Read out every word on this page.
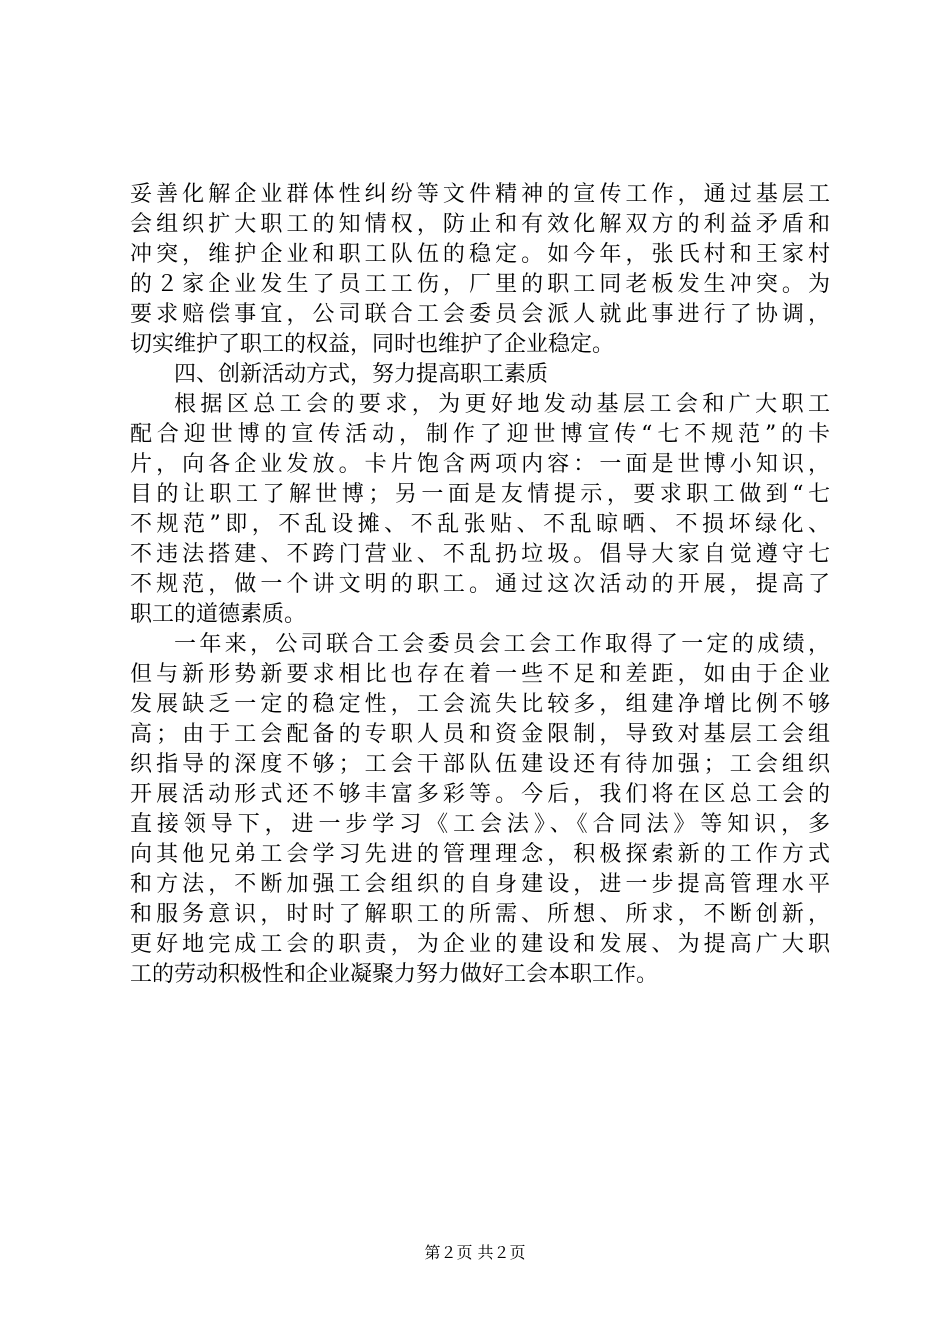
妥善化解企业群体性纠纷等文件精神的宣传工作，通过基层工
会组织扩大职工的知情权，防止和有效化解双方的利益矛盾和
冲突，维护企业和职工队伍的稳定。如今年，张氏村和王家村
的２家企业发生了员工工伤，厂里的职工同老板发生冲突。为
要求赔偿事宜，公司联合工会委员会派人就此事进行了协调，
切实维护了职工的权益，同时也维护了企业稳定。
四、创新活动方式，努力提高职工素质
根据区总工会的要求，为更好地发动基层工会和广大职工
配合迎世博的宣传活动，制作了迎世博宣传“七不规范”的卡
片，向各企业发放。卡片饱含两项内容：一面是世博小知识，
目的让职工了解世博；另一面是友情提示，要求职工做到“七
不规范”即，不乱设摊、不乱张贴、不乱晾晒、不损坏绿化、
不违法搭建、不跨门营业、不乱扔垃圾。倡导大家自觉遵守七
不规范，做一个讲文明的职工。通过这次活动的开展，提高了
职工的道德素质。
一年来，公司联合工会委员会工会工作取得了一定的成绩，
但与新形势新要求相比也存在着一些不足和差距，如由于企业
发展缺乏一定的稳定性，工会流失比较多，组建净增比例不够
高；由于工会配备的专职人员和资金限制，导致对基层工会组
织指导的深度不够；工会干部队伍建设还有待加强；工会组织
开展活动形式还不够丰富多彩等。今后，我们将在区总工会的
直接领导下，进一步学习《工会法》、《合同法》等知识，多
向其他兄弟工会学习先进的管理理念，积极探索新的工作方式
和方法，不断加强工会组织的自身建设，进一步提高管理水平
和服务意识，时时了解职工的所需、所想、所求，不断创新，
更好地完成工会的职责，为企业的建设和发展、为提高广大职
工的劳动积极性和企业凝聚力努力做好工会本职工作。
第２页 共２页
